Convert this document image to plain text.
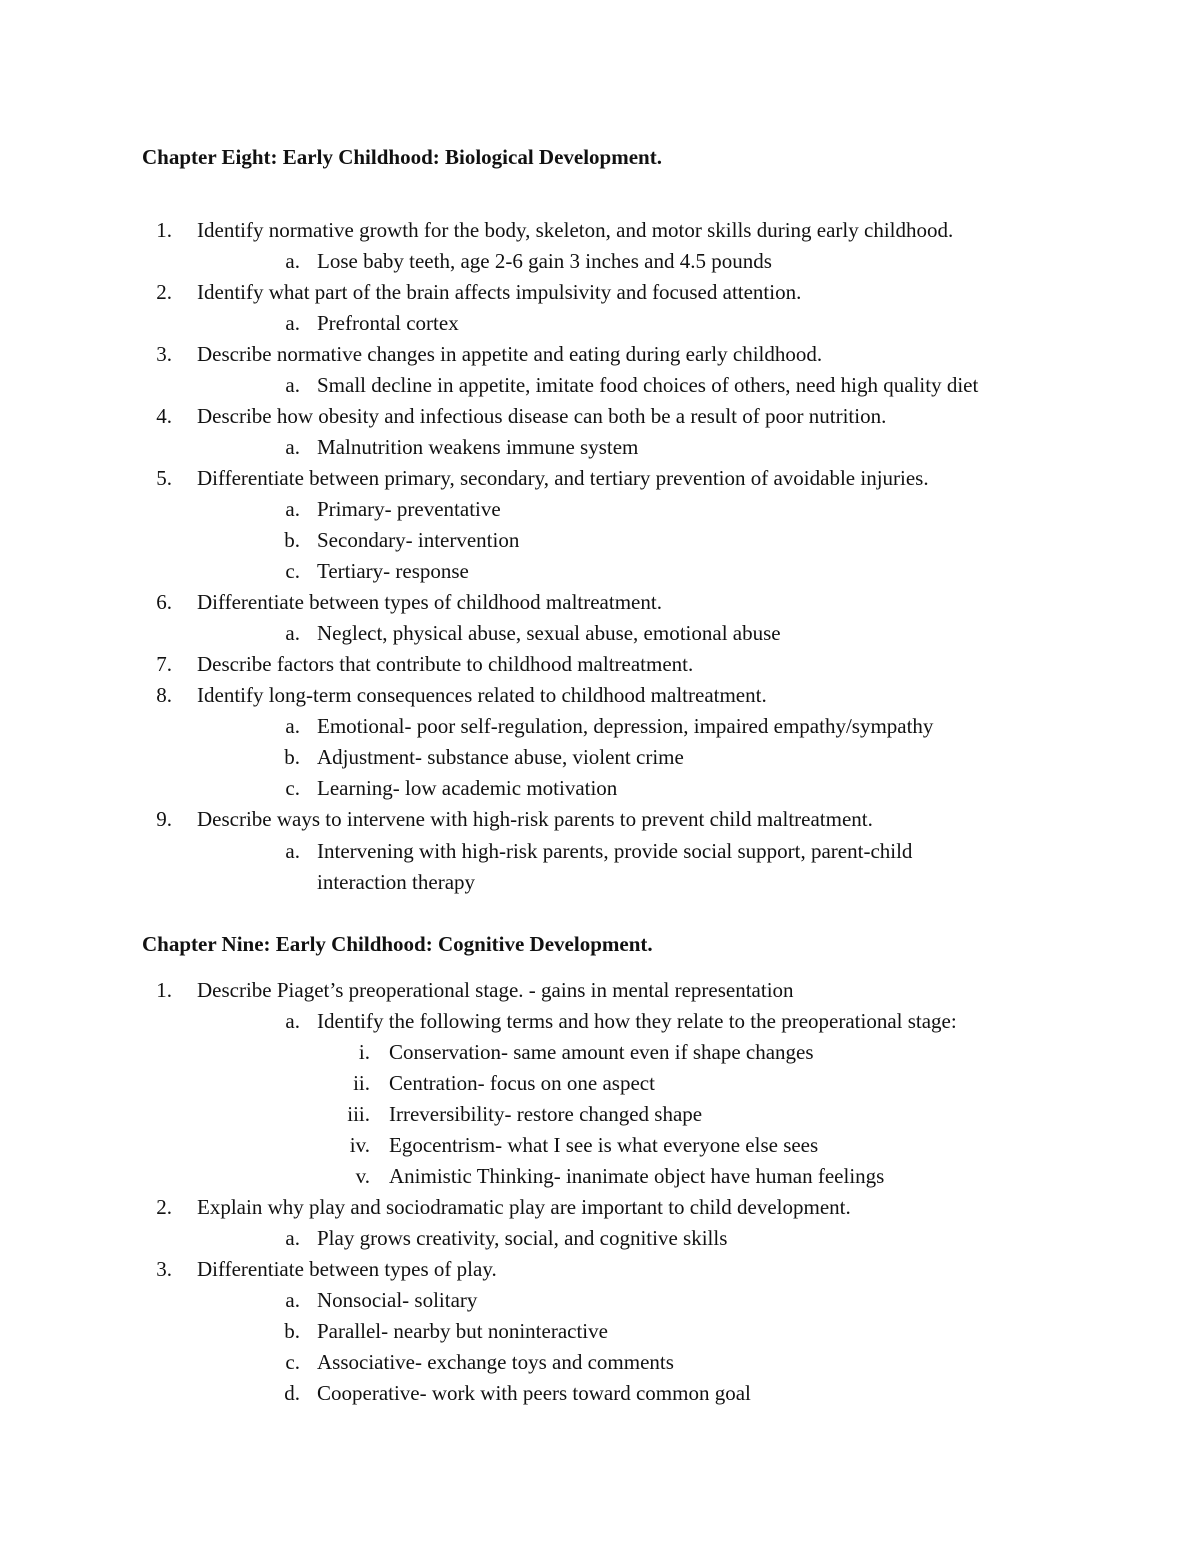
Chapter Eight: Early Childhood: Biological Development.
1. Identify normative growth for the body, skeleton, and motor skills during early childhood.
a. Lose baby teeth, age 2-6 gain 3 inches and 4.5 pounds
2. Identify what part of the brain affects impulsivity and focused attention.
a. Prefrontal cortex
3. Describe normative changes in appetite and eating during early childhood.
a. Small decline in appetite, imitate food choices of others, need high quality diet
4. Describe how obesity and infectious disease can both be a result of poor nutrition.
a. Malnutrition weakens immune system
5. Differentiate between primary, secondary, and tertiary prevention of avoidable injuries.
a. Primary- preventative
b. Secondary- intervention
c. Tertiary- response
6. Differentiate between types of childhood maltreatment.
a. Neglect, physical abuse, sexual abuse, emotional abuse
7. Describe factors that contribute to childhood maltreatment.
8. Identify long-term consequences related to childhood maltreatment.
a. Emotional- poor self-regulation, depression, impaired empathy/sympathy
b. Adjustment- substance abuse, violent crime
c. Learning- low academic motivation
9. Describe ways to intervene with high-risk parents to prevent child maltreatment.
a. Intervening with high-risk parents, provide social support, parent-child
interaction therapy
Chapter Nine: Early Childhood: Cognitive Development.
1. Describe Piaget’s preoperational stage. - gains in mental representation
a. Identify the following terms and how they relate to the preoperational stage:
i. Conservation- same amount even if shape changes
ii. Centration- focus on one aspect
iii. Irreversibility- restore changed shape
iv. Egocentrism- what I see is what everyone else sees
v. Animistic Thinking- inanimate object have human feelings
2. Explain why play and sociodramatic play are important to child development.
a. Play grows creativity, social, and cognitive skills
3. Differentiate between types of play.
a. Nonsocial- solitary
b. Parallel- nearby but noninteractive
c. Associative- exchange toys and comments
d. Cooperative- work with peers toward common goal
